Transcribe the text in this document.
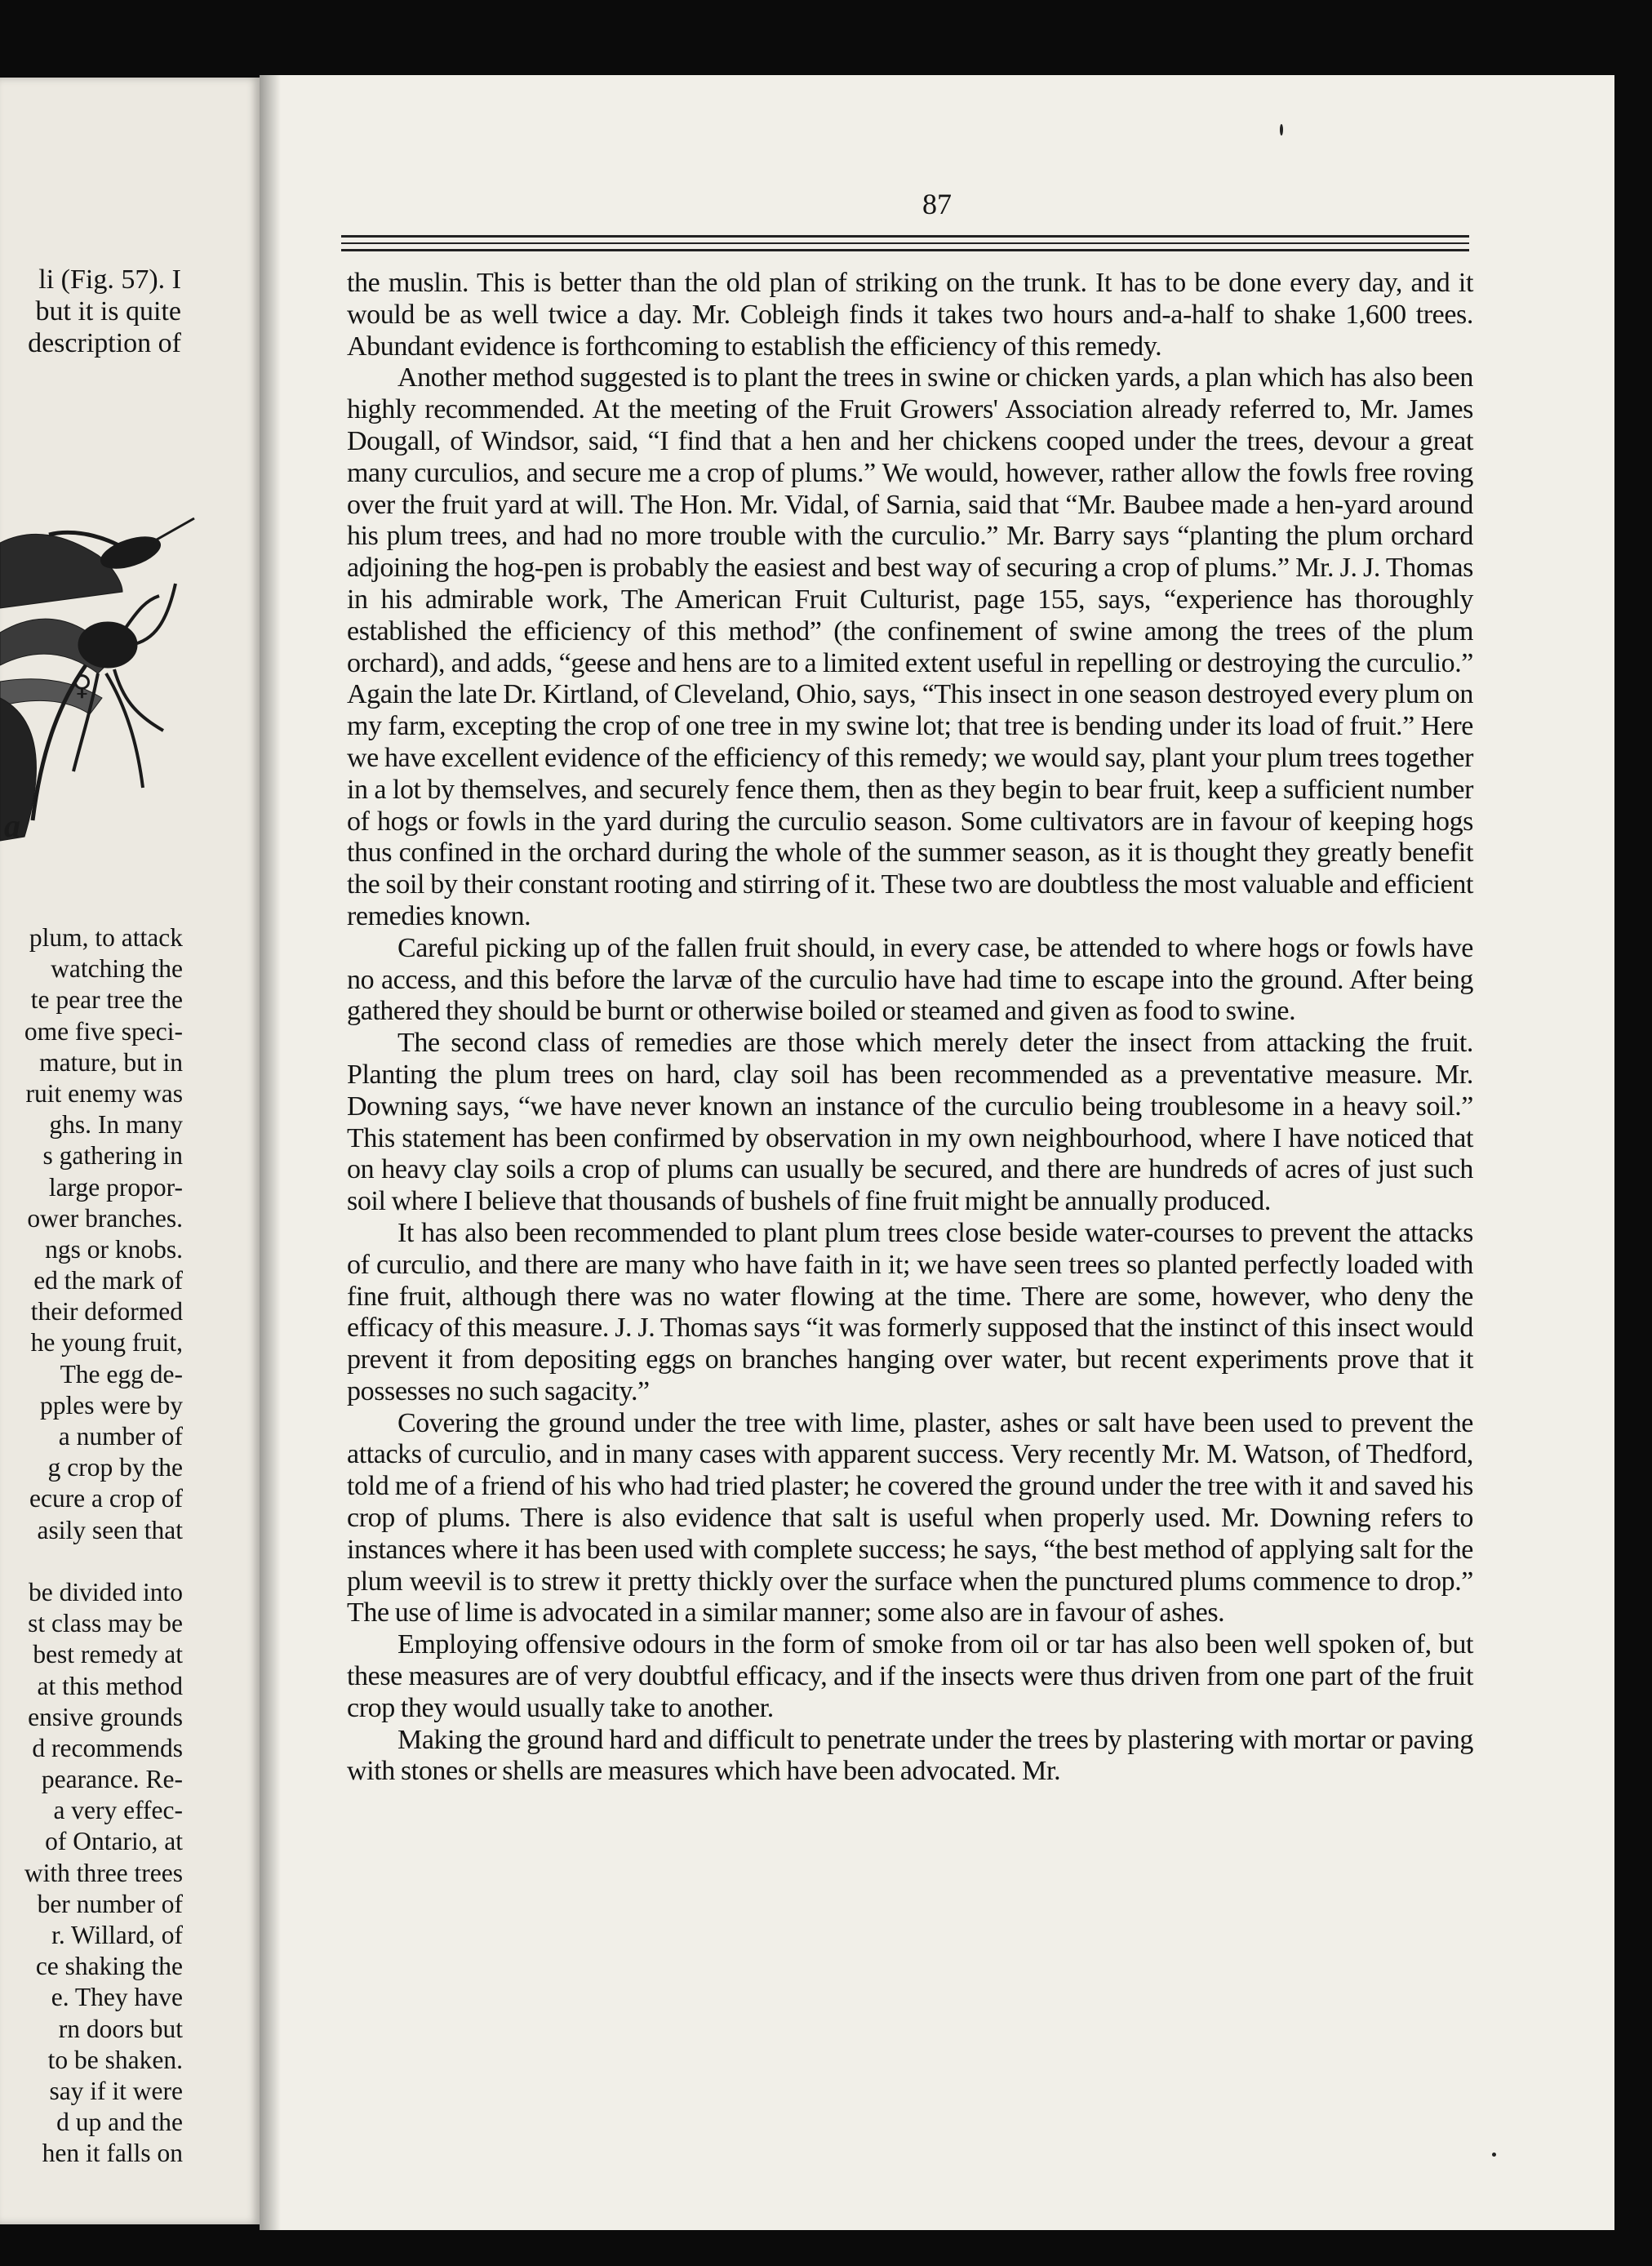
li (Fig. 57). I
but it is quite
description of
♀
a
plum, to attack
watching the
te pear tree the
ome five speci-
mature, but in
ruit enemy was
ghs. In many
s gathering in
large propor-
ower branches.
ngs or knobs.
ed the mark of
their deformed
he young fruit,
The egg de-
pples were by
a number of
g crop by the
ecure a crop of
asily seen that
be divided into
st class may be
best remedy at
at this method
ensive grounds
d recommends
pearance. Re-
a very effec-
of Ontario, at
with three trees
ber number of
r. Willard, of
ce shaking the
e. They have
rn doors but
to be shaken.
say if it were
d up and the
hen it falls on
87

the muslin. This is better than the old plan of striking on the trunk. It has to be done every day, and it would be as well twice a day. Mr. Cobleigh finds it takes two hours and-a-half to shake 1,600 trees. Abundant evidence is forthcoming to establish the efficiency of this remedy.

Another method suggested is to plant the trees in swine or chicken yards, a plan which has also been highly recommended. At the meeting of the Fruit Growers' Association already referred to, Mr. James Dougall, of Windsor, said, “I find that a hen and her chickens cooped under the trees, devour a great many curculios, and secure me a crop of plums.” We would, however, rather allow the fowls free roving over the fruit yard at will. The Hon. Mr. Vidal, of Sarnia, said that “Mr. Baubee made a hen-yard around his plum trees, and had no more trouble with the curculio.” Mr. Barry says “planting the plum orchard adjoining the hog-pen is probably the easiest and best way of securing a crop of plums.” Mr. J. J. Thomas in his admirable work, The American Fruit Culturist, page 155, says, “experience has thoroughly established the efficiency of this method” (the confinement of swine among the trees of the plum orchard), and adds, “geese and hens are to a limited extent useful in repelling or destroying the curculio.” Again the late Dr. Kirtland, of Cleveland, Ohio, says, “This insect in one season destroyed every plum on my farm, excepting the crop of one tree in my swine lot; that tree is bending under its load of fruit.” Here we have excellent evidence of the efficiency of this remedy; we would say, plant your plum trees together in a lot by themselves, and securely fence them, then as they begin to bear fruit, keep a sufficient number of hogs or fowls in the yard during the curculio season. Some cultivators are in favour of keeping hogs thus confined in the orchard during the whole of the summer season, as it is thought they greatly benefit the soil by their constant rooting and stirring of it. These two are doubtless the most valuable and efficient remedies known.

Careful picking up of the fallen fruit should, in every case, be attended to where hogs or fowls have no access, and this before the larvæ of the curculio have had time to escape into the ground. After being gathered they should be burnt or otherwise boiled or steamed and given as food to swine.

The second class of remedies are those which merely deter the insect from attacking the fruit. Planting the plum trees on hard, clay soil has been recommended as a preventative measure. Mr. Downing says, “we have never known an instance of the curculio being troublesome in a heavy soil.” This statement has been confirmed by observation in my own neighbourhood, where I have noticed that on heavy clay soils a crop of plums can usually be secured, and there are hundreds of acres of just such soil where I believe that thousands of bushels of fine fruit might be annually produced.

It has also been recommended to plant plum trees close beside water-courses to prevent the attacks of curculio, and there are many who have faith in it; we have seen trees so planted perfectly loaded with fine fruit, although there was no water flowing at the time. There are some, however, who deny the efficacy of this measure. J. J. Thomas says “it was formerly supposed that the instinct of this insect would prevent it from depositing eggs on branches hanging over water, but recent experiments prove that it possesses no such sagacity.”

Covering the ground under the tree with lime, plaster, ashes or salt have been used to prevent the attacks of curculio, and in many cases with apparent success. Very recently Mr. M. Watson, of Thedford, told me of a friend of his who had tried plaster; he covered the ground under the tree with it and saved his crop of plums. There is also evidence that salt is useful when properly used. Mr. Downing refers to instances where it has been used with complete success; he says, “the best method of applying salt for the plum weevil is to strew it pretty thickly over the surface when the punctured plums commence to drop.” The use of lime is advocated in a similar manner; some also are in favour of ashes.

Employing offensive odours in the form of smoke from oil or tar has also been well spoken of, but these measures are of very doubtful efficacy, and if the insects were thus driven from one part of the fruit crop they would usually take to another.

Making the ground hard and difficult to penetrate under the trees by plastering with mortar or paving with stones or shells are measures which have been advocated. Mr.
